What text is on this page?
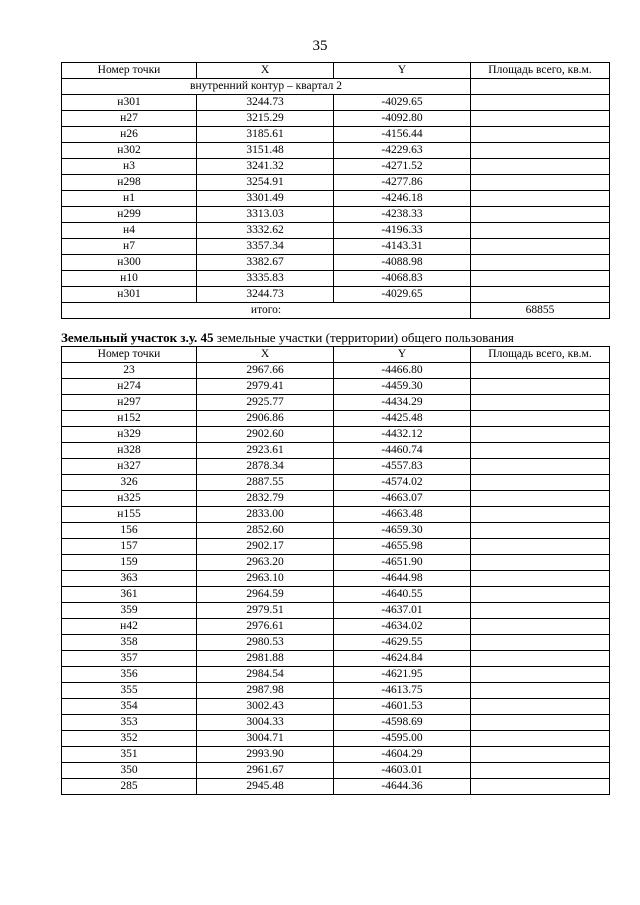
35
Номер точки	X	Y	Площадь всего, кв.м.
внутренний контур – квартал 2			
н301	3244.73	-4029.65	
н27	3215.29	-4092.80	
н26	3185.61	-4156.44	
н302	3151.48	-4229.63	
н3	3241.32	-4271.52	
н298	3254.91	-4277.86	
н1	3301.49	-4246.18	
н299	3313.03	-4238.33	
н4	3332.62	-4196.33	
н7	3357.34	-4143.31	
н300	3382.67	-4088.98	
н10	3335.83	-4068.83	
н301	3244.73	-4029.65	
итого:			68855
Земельный участок з.у. 45 земельные участки (территории) общего пользования
Номер точки	X	Y	Площадь всего, кв.м.
23	2967.66	-4466.80	
н274	2979.41	-4459.30	
н297	2925.77	-4434.29	
н152	2906.86	-4425.48	
н329	2902.60	-4432.12	
н328	2923.61	-4460.74	
н327	2878.34	-4557.83	
326	2887.55	-4574.02	
н325	2832.79	-4663.07	
н155	2833.00	-4663.48	
156	2852.60	-4659.30	
157	2902.17	-4655.98	
159	2963.20	-4651.90	
363	2963.10	-4644.98	
361	2964.59	-4640.55	
359	2979.51	-4637.01	
н42	2976.61	-4634.02	
358	2980.53	-4629.55	
357	2981.88	-4624.84	
356	2984.54	-4621.95	
355	2987.98	-4613.75	
354	3002.43	-4601.53	
353	3004.33	-4598.69	
352	3004.71	-4595.00	
351	2993.90	-4604.29	
350	2961.67	-4603.01	
285	2945.48	-4644.36	
